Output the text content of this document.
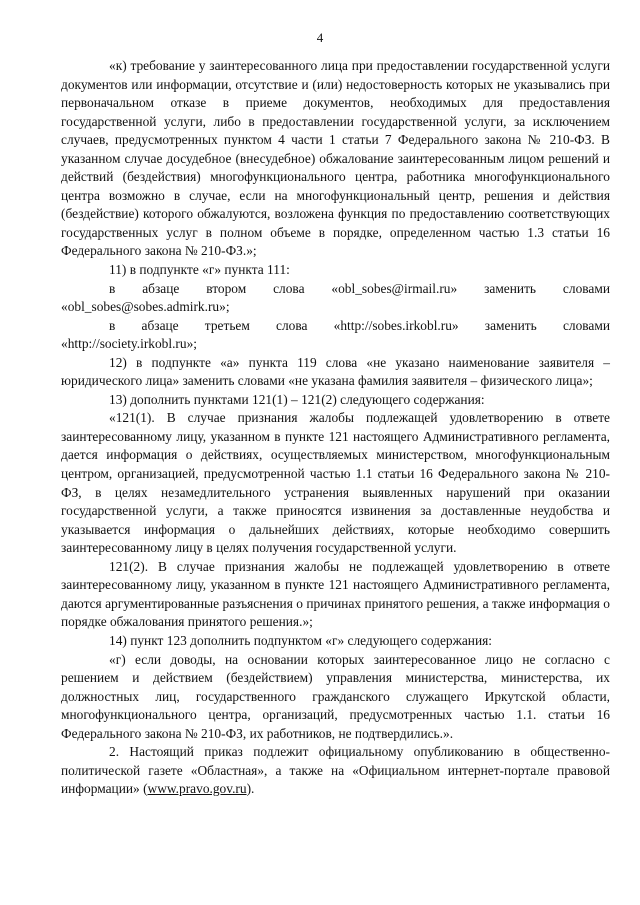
4

«к) требование у заинтересованного лица при предоставлении государственной услуги документов или информации, отсутствие и (или) недостоверность которых не указывались при первоначальном отказе в приеме документов, необходимых для предоставления государственной услуги, либо в предоставлении государственной услуги, за исключением случаев, предусмотренных пунктом 4 части 1 статьи 7 Федерального закона № 210-ФЗ. В указанном случае досудебное (внесудебное) обжалование заинтересованным лицом решений и действий (бездействия) многофункционального центра, работника многофункционального центра возможно в случае, если на многофункциональный центр, решения и действия (бездействие) которого обжалуются, возложена функция по предоставлению соответствующих государственных услуг в полном объеме в порядке, определенном частью 1.3 статьи 16 Федерального закона № 210-ФЗ.»;

11) в подпункте «г» пункта 111:

в абзаце втором слова «obl_sobes@irmail.ru» заменить словами «obl_sobes@sobes.admirk.ru»;

в абзаце третьем слова «http://sobes.irkobl.ru» заменить словами «http://society.irkobl.ru»;

12) в подпункте «а» пункта 119 слова «не указано наименование заявителя – юридического лица» заменить словами «не указана фамилия заявителя – физического лица»;

13) дополнить пунктами 121(1) – 121(2) следующего содержания:

«121(1). В случае признания жалобы подлежащей удовлетворению в ответе заинтересованному лицу, указанном в пункте 121 настоящего Административного регламента, дается информация о действиях, осуществляемых министерством, многофункциональным центром, организацией, предусмотренной частью 1.1 статьи 16 Федерального закона № 210-ФЗ, в целях незамедлительного устранения выявленных нарушений при оказании государственной услуги, а также приносятся извинения за доставленные неудобства и указывается информация о дальнейших действиях, которые необходимо совершить заинтересованному лицу в целях получения государственной услуги.

121(2). В случае признания жалобы не подлежащей удовлетворению в ответе заинтересованному лицу, указанном в пункте 121 настоящего Административного регламента, даются аргументированные разъяснения о причинах принятого решения, а также информация о порядке обжалования принятого решения.»;

14) пункт 123 дополнить подпунктом «г» следующего содержания:

«г) если доводы, на основании которых заинтересованное лицо не согласно с решением и действием (бездействием) управления министерства, министерства, их должностных лиц, государственного гражданского служащего Иркутской области, многофункционального центра, организаций, предусмотренных частью 1.1. статьи 16 Федерального закона № 210-ФЗ, их работников, не подтвердились.».

2. Настоящий приказ подлежит официальному опубликованию в общественно-политической газете «Областная», а также на «Официальном интернет-портале правовой информации» (www.pravo.gov.ru).
